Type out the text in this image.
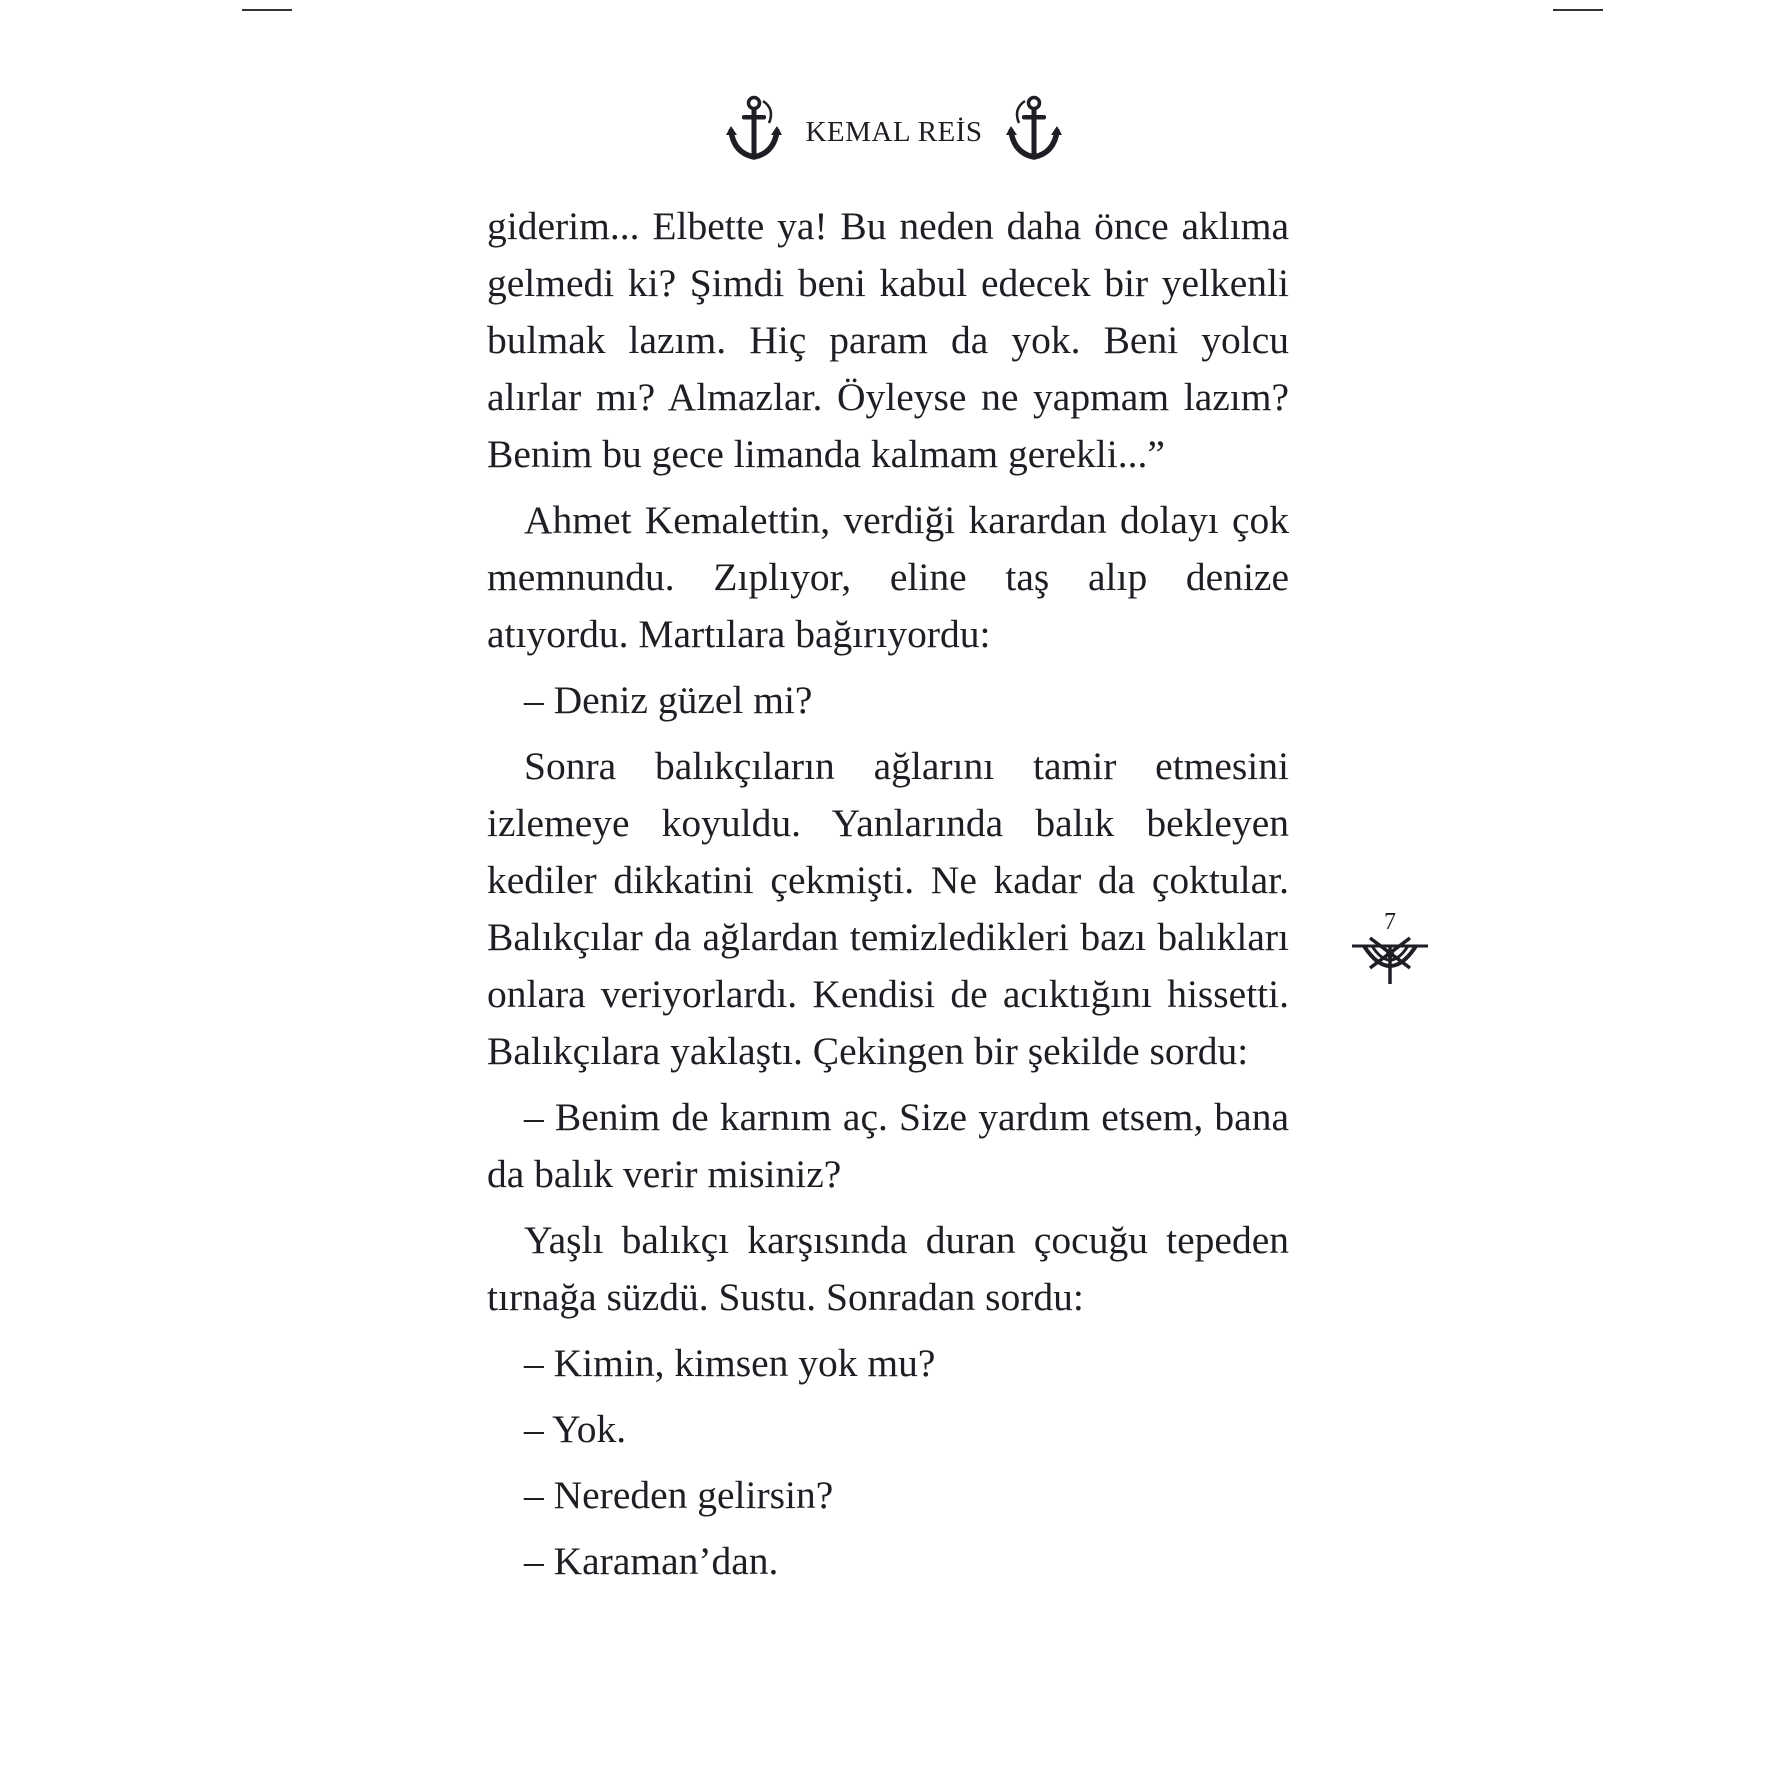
KEMAL REİS

giderim... Elbette ya! Bu neden daha önce aklıma gelmedi ki? Şimdi beni kabul edecek bir yelkenli bulmak lazım. Hiç param da yok. Beni yolcu alırlar mı? Almazlar. Öyleyse ne yapmam lazım? Benim bu gece limanda kalmam gerekli...”

Ahmet Kemalettin, verdiği karardan dolayı çok memnundu. Zıplıyor, eline taş alıp denize atıyordu. Martılara bağırıyordu:

– Deniz güzel mi?

Sonra balıkçıların ağlarını tamir etmesini izlemeye koyuldu. Yanlarında balık bekleyen kediler dikkatini çekmişti. Ne kadar da çoktular. Balıkçılar da ağlardan temizledikleri bazı balıkları onlara veriyorlardı. Kendisi de acıktığını hissetti. Balıkçılara yaklaştı. Çekingen bir şekilde sordu:

– Benim de karnım aç. Size yardım etsem, bana da balık verir misiniz?

Yaşlı balıkçı karşısında duran çocuğu tepeden tırnağa süzdü. Sustu. Sonradan sordu:

– Kimin, kimsen yok mu?

– Yok.

– Nereden gelirsin?

– Karaman’dan.

7
